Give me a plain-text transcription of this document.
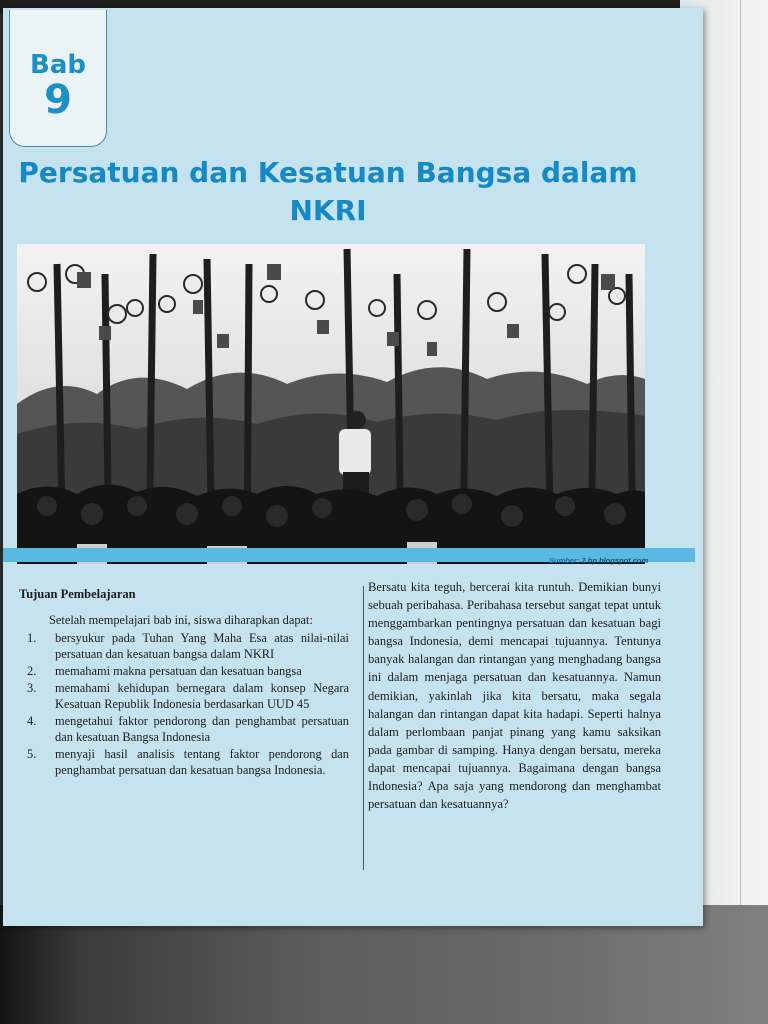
Bab
9
Persatuan dan Kesatuan Bangsa dalam NKRI
Sumber: 2.bp.blogspot.com
Tujuan Pembelajaran

Setelah mempelajari bab ini, siswa diharapkan dapat:

1. bersyukur pada Tuhan Yang Maha Esa atas nilai-nilai persatuan dan kesatuan bangsa dalam NKRI
2. memahami makna persatuan dan kesatuan bangsa
3. memahami kehidupan bernegara dalam konsep Negara Kesatuan Republik Indonesia berdasarkan UUD 45
4. mengetahui faktor pendorong dan penghambat persatuan dan kesatuan Bangsa Indonesia
5. menyaji hasil analisis tentang faktor pendorong dan penghambat persatuan dan kesatuan bangsa Indonesia.
Bersatu kita teguh, bercerai kita runtuh. Demikian bunyi sebuah peribahasa. Peribahasa tersebut sangat tepat untuk menggambarkan pentingnya persatuan dan kesatuan bagi bangsa Indonesia, demi mencapai tujuannya. Tentunya banyak halangan dan rintangan yang menghadang bangsa ini dalam menjaga persatuan dan kesatuannya. Namun demikian, yakinlah jika kita bersatu, maka segala halangan dan rintangan dapat kita hadapi. Seperti halnya dalam perlombaan panjat pinang yang kamu saksikan pada gambar di samping. Hanya dengan bersatu, mereka dapat mencapai tujuannya. Bagaimana dengan bangsa Indonesia? Apa saja yang mendorong dan menghambat persatuan dan kesatuannya?
